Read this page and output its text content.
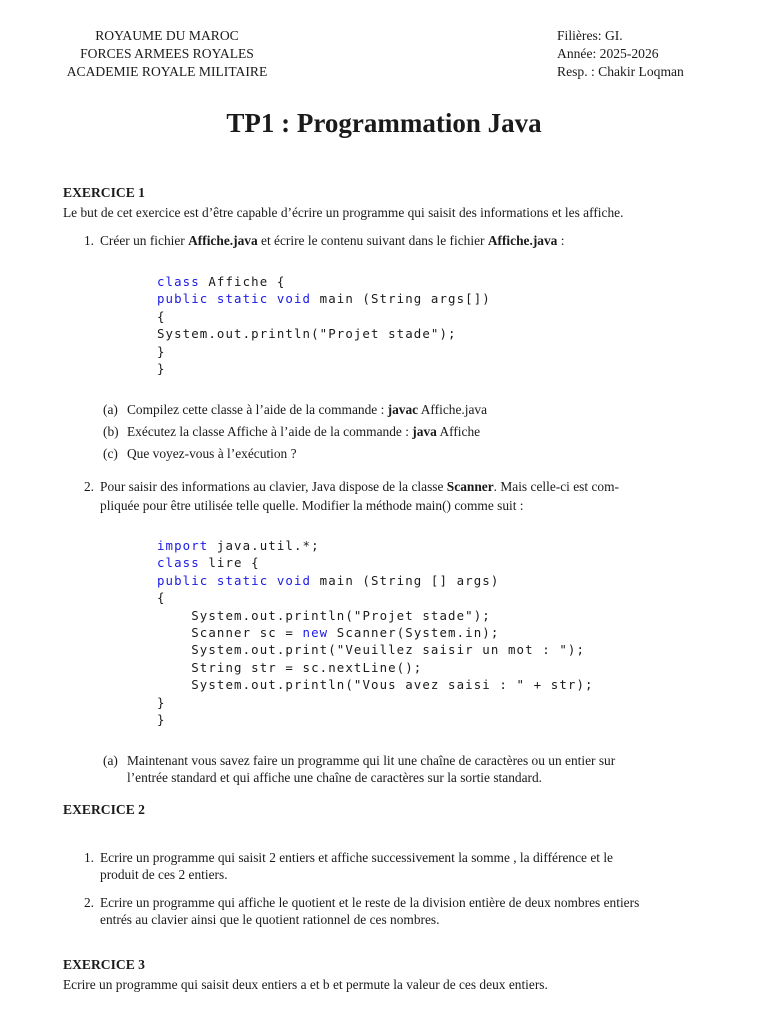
ROYAUME DU MAROC
FORCES ARMEES ROYALES
ACADEMIE ROYALE MILITAIRE
Filières: GI.
Année: 2025-2026
Resp. : Chakir Loqman
TP1 : Programmation Java
EXERCICE 1
Le but de cet exercice est d’être capable d’écrire un programme qui saisit des informations et les affiche.
1. Créer un fichier Affiche.java et écrire le contenu suivant dans le fichier Affiche.java :
class Affiche {
public static void main (String args[])
{
System.out.println("Projet stade");
}
}
(a) Compilez cette classe à l’aide de la commande : javac Affiche.java
(b) Exécutez la classe Affiche à l’aide de la commande : java Affiche
(c) Que voyez-vous à l’exécution ?
2. Pour saisir des informations au clavier, Java dispose de la classe Scanner. Mais celle-ci est com-
pliquée pour être utilisée telle quelle. Modifier la méthode main() comme suit :
import java.util.*;
class lire {
public static void main (String [] args)
{
System.out.println("Projet stade");
Scanner sc = new Scanner(System.in);
System.out.print("Veuillez saisir un mot : ");
String str = sc.nextLine();
System.out.println("Vous avez saisi : " + str);
}
}
(a) Maintenant vous savez faire un programme qui lit une chaîne de caractères ou un entier sur
l’entrée standard et qui affiche une chaîne de caractères sur la sortie standard.
EXERCICE 2
1. Ecrire un programme qui saisit 2 entiers et affiche successivement la somme , la différence et le
produit de ces 2 entiers.
2. Ecrire un programme qui affiche le quotient et le reste de la division entière de deux nombres entiers
entrés au clavier ainsi que le quotient rationnel de ces nombres.
EXERCICE 3
Ecrire un programme qui saisit deux entiers a et b et permute la valeur de ces deux entiers.
